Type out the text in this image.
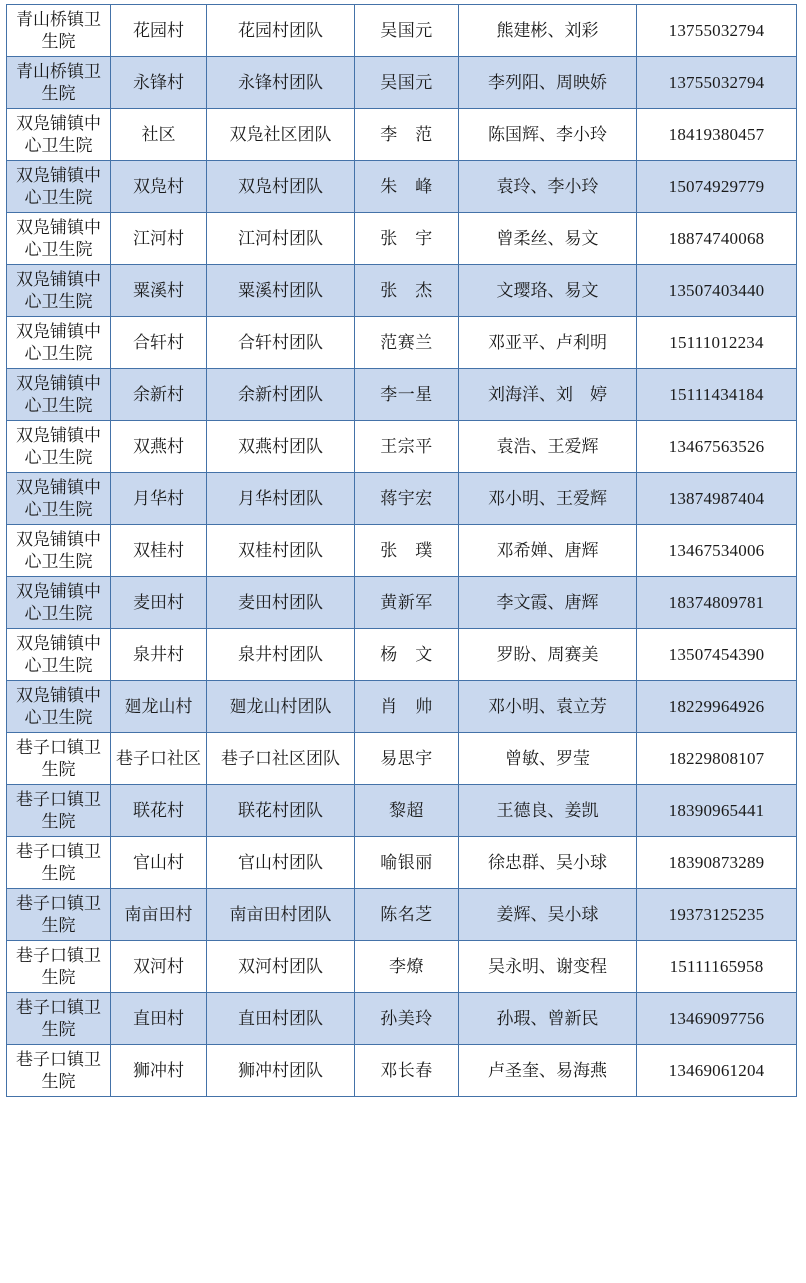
青山桥镇卫生院	花园村	花园村团队	吴国元	熊建彬、刘彩	13755032794
青山桥镇卫生院	永锋村	永锋村团队	吴国元	李列阳、周映娇	13755032794
双凫铺镇中心卫生院	社区	双凫社区团队	李　范	陈国辉、李小玲	18419380457
双凫铺镇中心卫生院	双凫村	双凫村团队	朱　峰	袁玲、李小玲	15074929779
双凫铺镇中心卫生院	江河村	江河村团队	张　宇	曾柔丝、易文	18874740068
双凫铺镇中心卫生院	粟溪村	粟溪村团队	张　杰	文璎珞、易文	13507403440
双凫铺镇中心卫生院	合轩村	合轩村团队	范赛兰	邓亚平、卢利明	15111012234
双凫铺镇中心卫生院	余新村	余新村团队	李一星	刘海洋、刘　婷	15111434184
双凫铺镇中心卫生院	双燕村	双燕村团队	王宗平	袁浩、王爱辉	13467563526
双凫铺镇中心卫生院	月华村	月华村团队	蒋宇宏	邓小明、王爱辉	13874987404
双凫铺镇中心卫生院	双桂村	双桂村团队	张　璞	邓希婵、唐辉	13467534006
双凫铺镇中心卫生院	麦田村	麦田村团队	黄新军	李文霞、唐辉	18374809781
双凫铺镇中心卫生院	泉井村	泉井村团队	杨　文	罗盼、周赛美	13507454390
双凫铺镇中心卫生院	廻龙山村	廻龙山村团队	肖　帅	邓小明、袁立芳	18229964926
巷子口镇卫生院	巷子口社区	巷子口社区团队	易思宇	曾敏、罗莹	18229808107
巷子口镇卫生院	联花村	联花村团队	黎超	王德良、姜凯	18390965441
巷子口镇卫生院	官山村	官山村团队	喻银丽	徐忠群、吴小球	18390873289
巷子口镇卫生院	南亩田村	南亩田村团队	陈名芝	姜辉、吴小球	19373125235
巷子口镇卫生院	双河村	双河村团队	李燎	吴永明、谢变程	15111165958
巷子口镇卫生院	直田村	直田村团队	孙美玲	孙瑕、曾新民	13469097756
巷子口镇卫生院	狮冲村	狮冲村团队	邓长春	卢圣奎、易海燕	13469061204
